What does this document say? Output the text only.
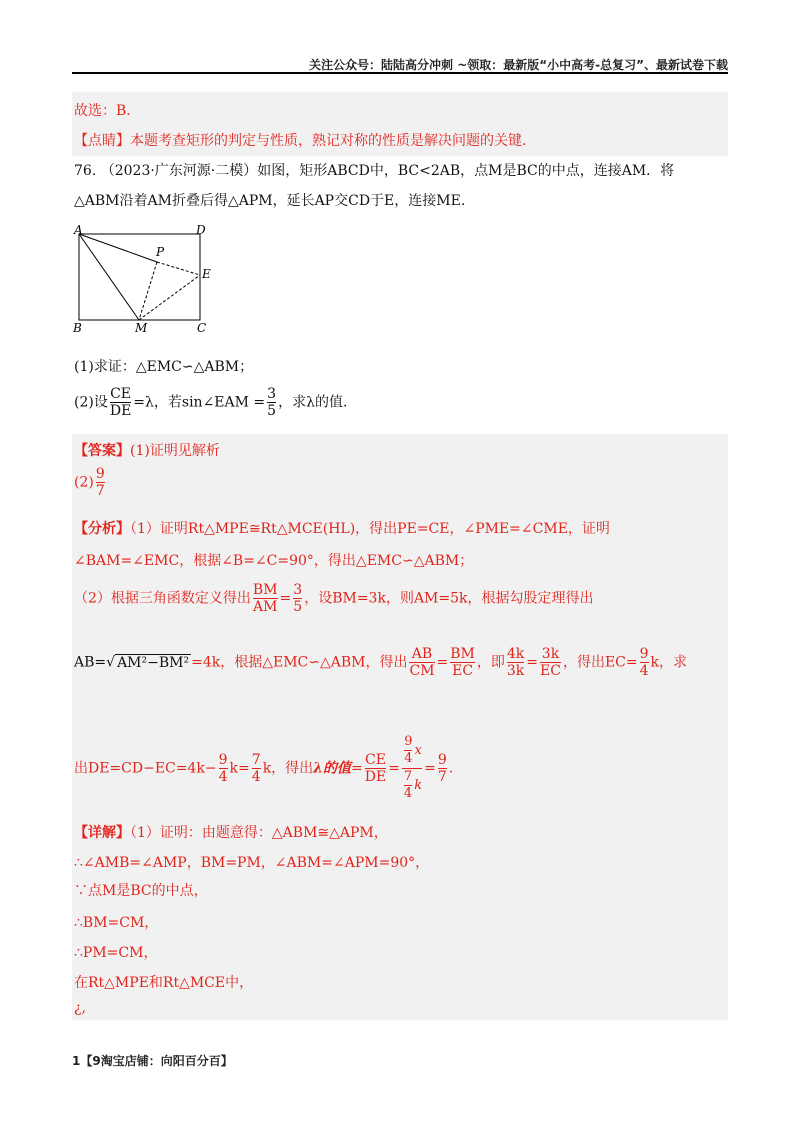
关注公众号：陆陆高分冲刺 ~领取：最新版“小中高考-总复习”、最新试卷下载
故选：B．
【点睛】本题考查矩形的判定与性质，熟记对称的性质是解决问题的关键.
76. （2023·广东河源·二模）如图，矩形ABCD中，BC<2AB，点M是BC的中点，连接AM．将
△ABM沿着AM折叠后得△APM，延长AP交CD于E，连接ME.
A	D
P
E
B	M	C
(1)求证：△EMC∽△ABM；
(2)设 $\frac{CE}{DE} =\lambda$，若sin∠EAM = $\frac{3}{5}$ ，求λ的值.
【答案】(1)证明见解析
$(2) \frac{9}{7}$
【分析】（1）证明Rt△MPE≅Rt△MCE(HL)，得出PE=CE，∠PME=∠CME，证明
∠BAM=∠EMC，根据∠B=∠C=90°，得出△EMC∽△ABM；
（2）根据三角函数定义得出 $\frac{BM}{AM} = \frac{3}{5}$ ，设BM=3k，则AM=5k，根据勾股定理得出
AB=√ AM²−BM² =4k，根据△EMC∽△ABM，得出 $\frac{AB}{CM} = \frac{BM}{EC}$ ，即 $\frac{4k}{3k} = \frac{3k}{EC}$ ，得出$EC= \frac{9}{4}$ k，求
出$DE=CD-EC=4k- \frac{9}{4} k= \frac{7}{4}$ k，得出λ的值= $\frac{CE}{DE} = \frac{\frac{9}{4} x}{\frac{7}{4} k} = \frac{9}{7}$ .
【详解】（1）证明：由题意得：△ABM≅△APM，
∴∠AMB=∠AMP，BM=PM，∠ABM=∠APM=90°，
∵点M是BC的中点，
∴BM=CM，
∴PM=CM，
在Rt△MPE和Rt△MCE中，
¿,
1【9淘宝店铺：向阳百分百】
